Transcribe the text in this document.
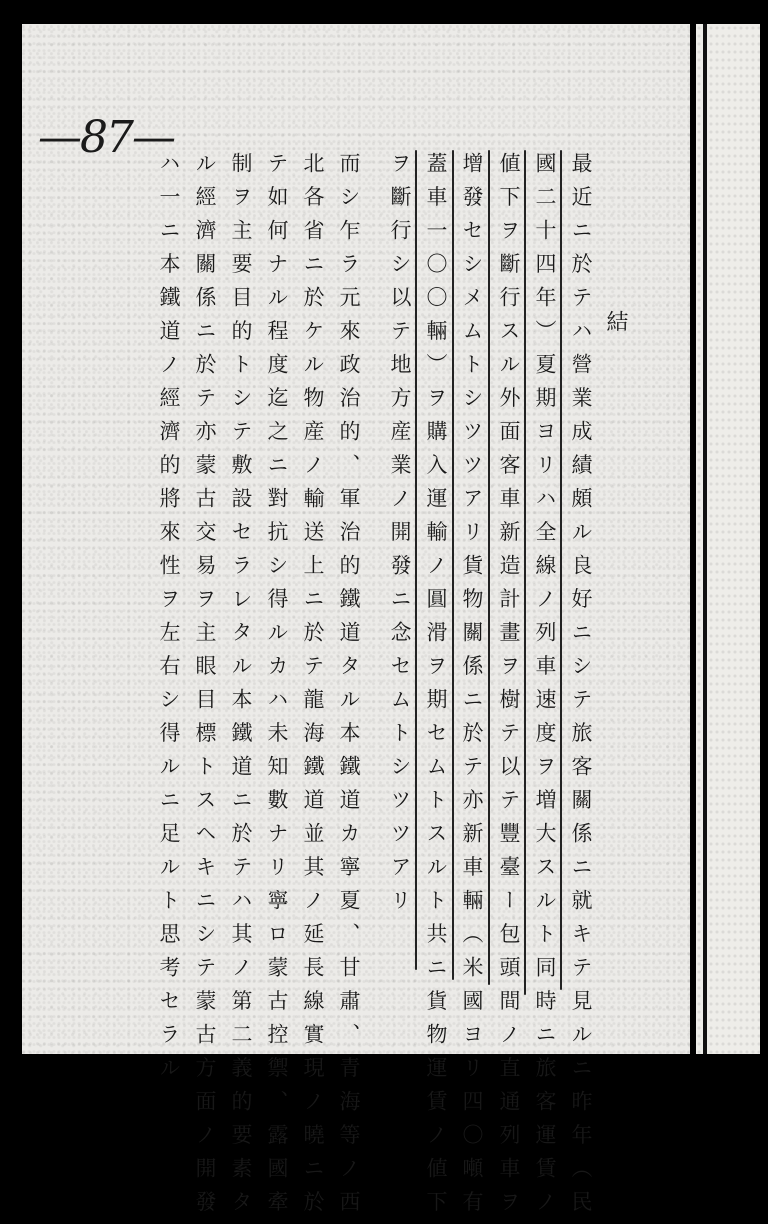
—87—
結
最近ニ於テハ營業成績頗ル良好ニシテ旅客關係ニ就キテ見ルニ昨年（民
國二十四年）夏期ヨリハ全線ノ列車速度ヲ増大スルト同時ニ旅客運賃ノ
値下ヲ斷行スル外面客車新造計畫ヲ樹テ以テ豐臺ー包頭間ノ直通列車ヲ
增發セシメムトシツツアリ貨物關係ニ於テ亦新車輛（米國ヨリ四〇噸有
蓋車一〇〇輛）ヲ購入運輸ノ圓滑ヲ期セムトスルト共ニ貨物運賃ノ値下
ヲ斷行シ以テ地方産業ノ開發ニ念セムトシツツアリ
而シ乍ラ元來政治的、軍治的鐵道タル本鐵道カ寧夏、甘肅、青海等ノ西
北各省ニ於ケル物産ノ輸送上ニ於テ龍海鐵道並其ノ延長線實現ノ曉ニ於
テ如何ナル程度迄之ニ對抗シ得ルカハ未知數ナリ寧ロ蒙古控禦、露國牽
制ヲ主要目的トシテ敷設セラレタル本鐵道ニ於テハ其ノ第二義的要素タ
ル經濟關係ニ於テ亦蒙古交易ヲ主眼目標トスヘキニシテ蒙古方面ノ開發
ハ一ニ本鐵道ノ經濟的將來性ヲ左右シ得ルニ足ルト思考セラル
